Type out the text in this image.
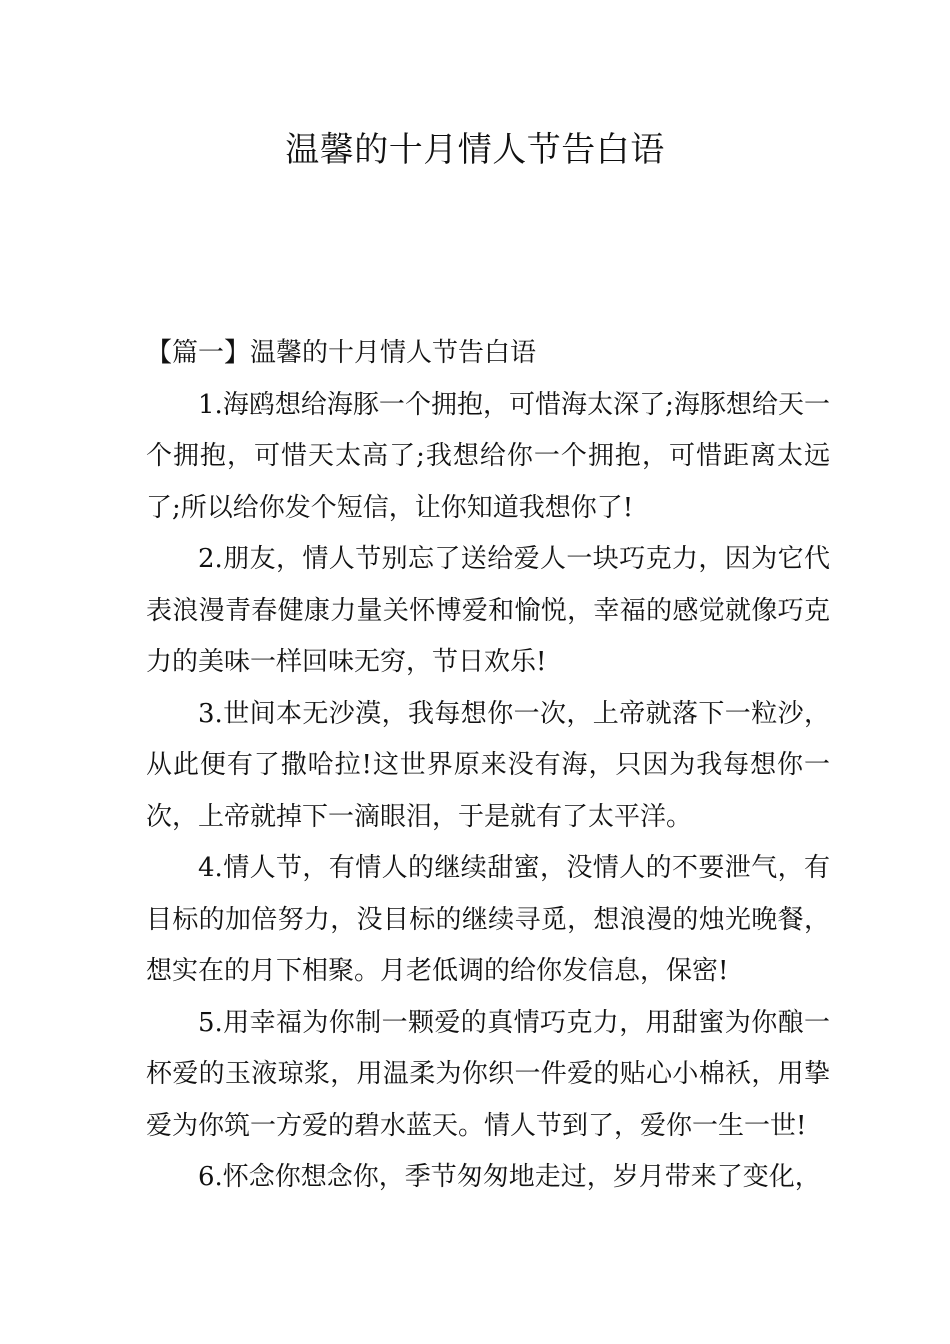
温馨的十月情人节告白语

【篇一】温馨的十月情人节告白语

1.海鸥想给海豚一个拥抱，可惜海太深了;海豚想给天一个拥抱，可惜天太高了;我想给你一个拥抱，可惜距离太远了;所以给你发个短信，让你知道我想你了!

2.朋友，情人节别忘了送给爱人一块巧克力，因为它代表浪漫青春健康力量关怀博爱和愉悦，幸福的感觉就像巧克力的美味一样回味无穷，节日欢乐!

3.世间本无沙漠，我每想你一次，上帝就落下一粒沙，从此便有了撒哈拉!这世界原来没有海，只因为我每想你一次，上帝就掉下一滴眼泪，于是就有了太平洋。

4.情人节，有情人的继续甜蜜，没情人的不要泄气，有目标的加倍努力，没目标的继续寻觅，想浪漫的烛光晚餐，想实在的月下相聚。月老低调的给你发信息，保密!

5.用幸福为你制一颗爱的真情巧克力，用甜蜜为你酿一杯爱的玉液琼浆，用温柔为你织一件爱的贴心小棉袄，用挚爱为你筑一方爱的碧水蓝天。情人节到了，爱你一生一世!

6.怀念你想念你，季节匆匆地走过，岁月带来了变化，
